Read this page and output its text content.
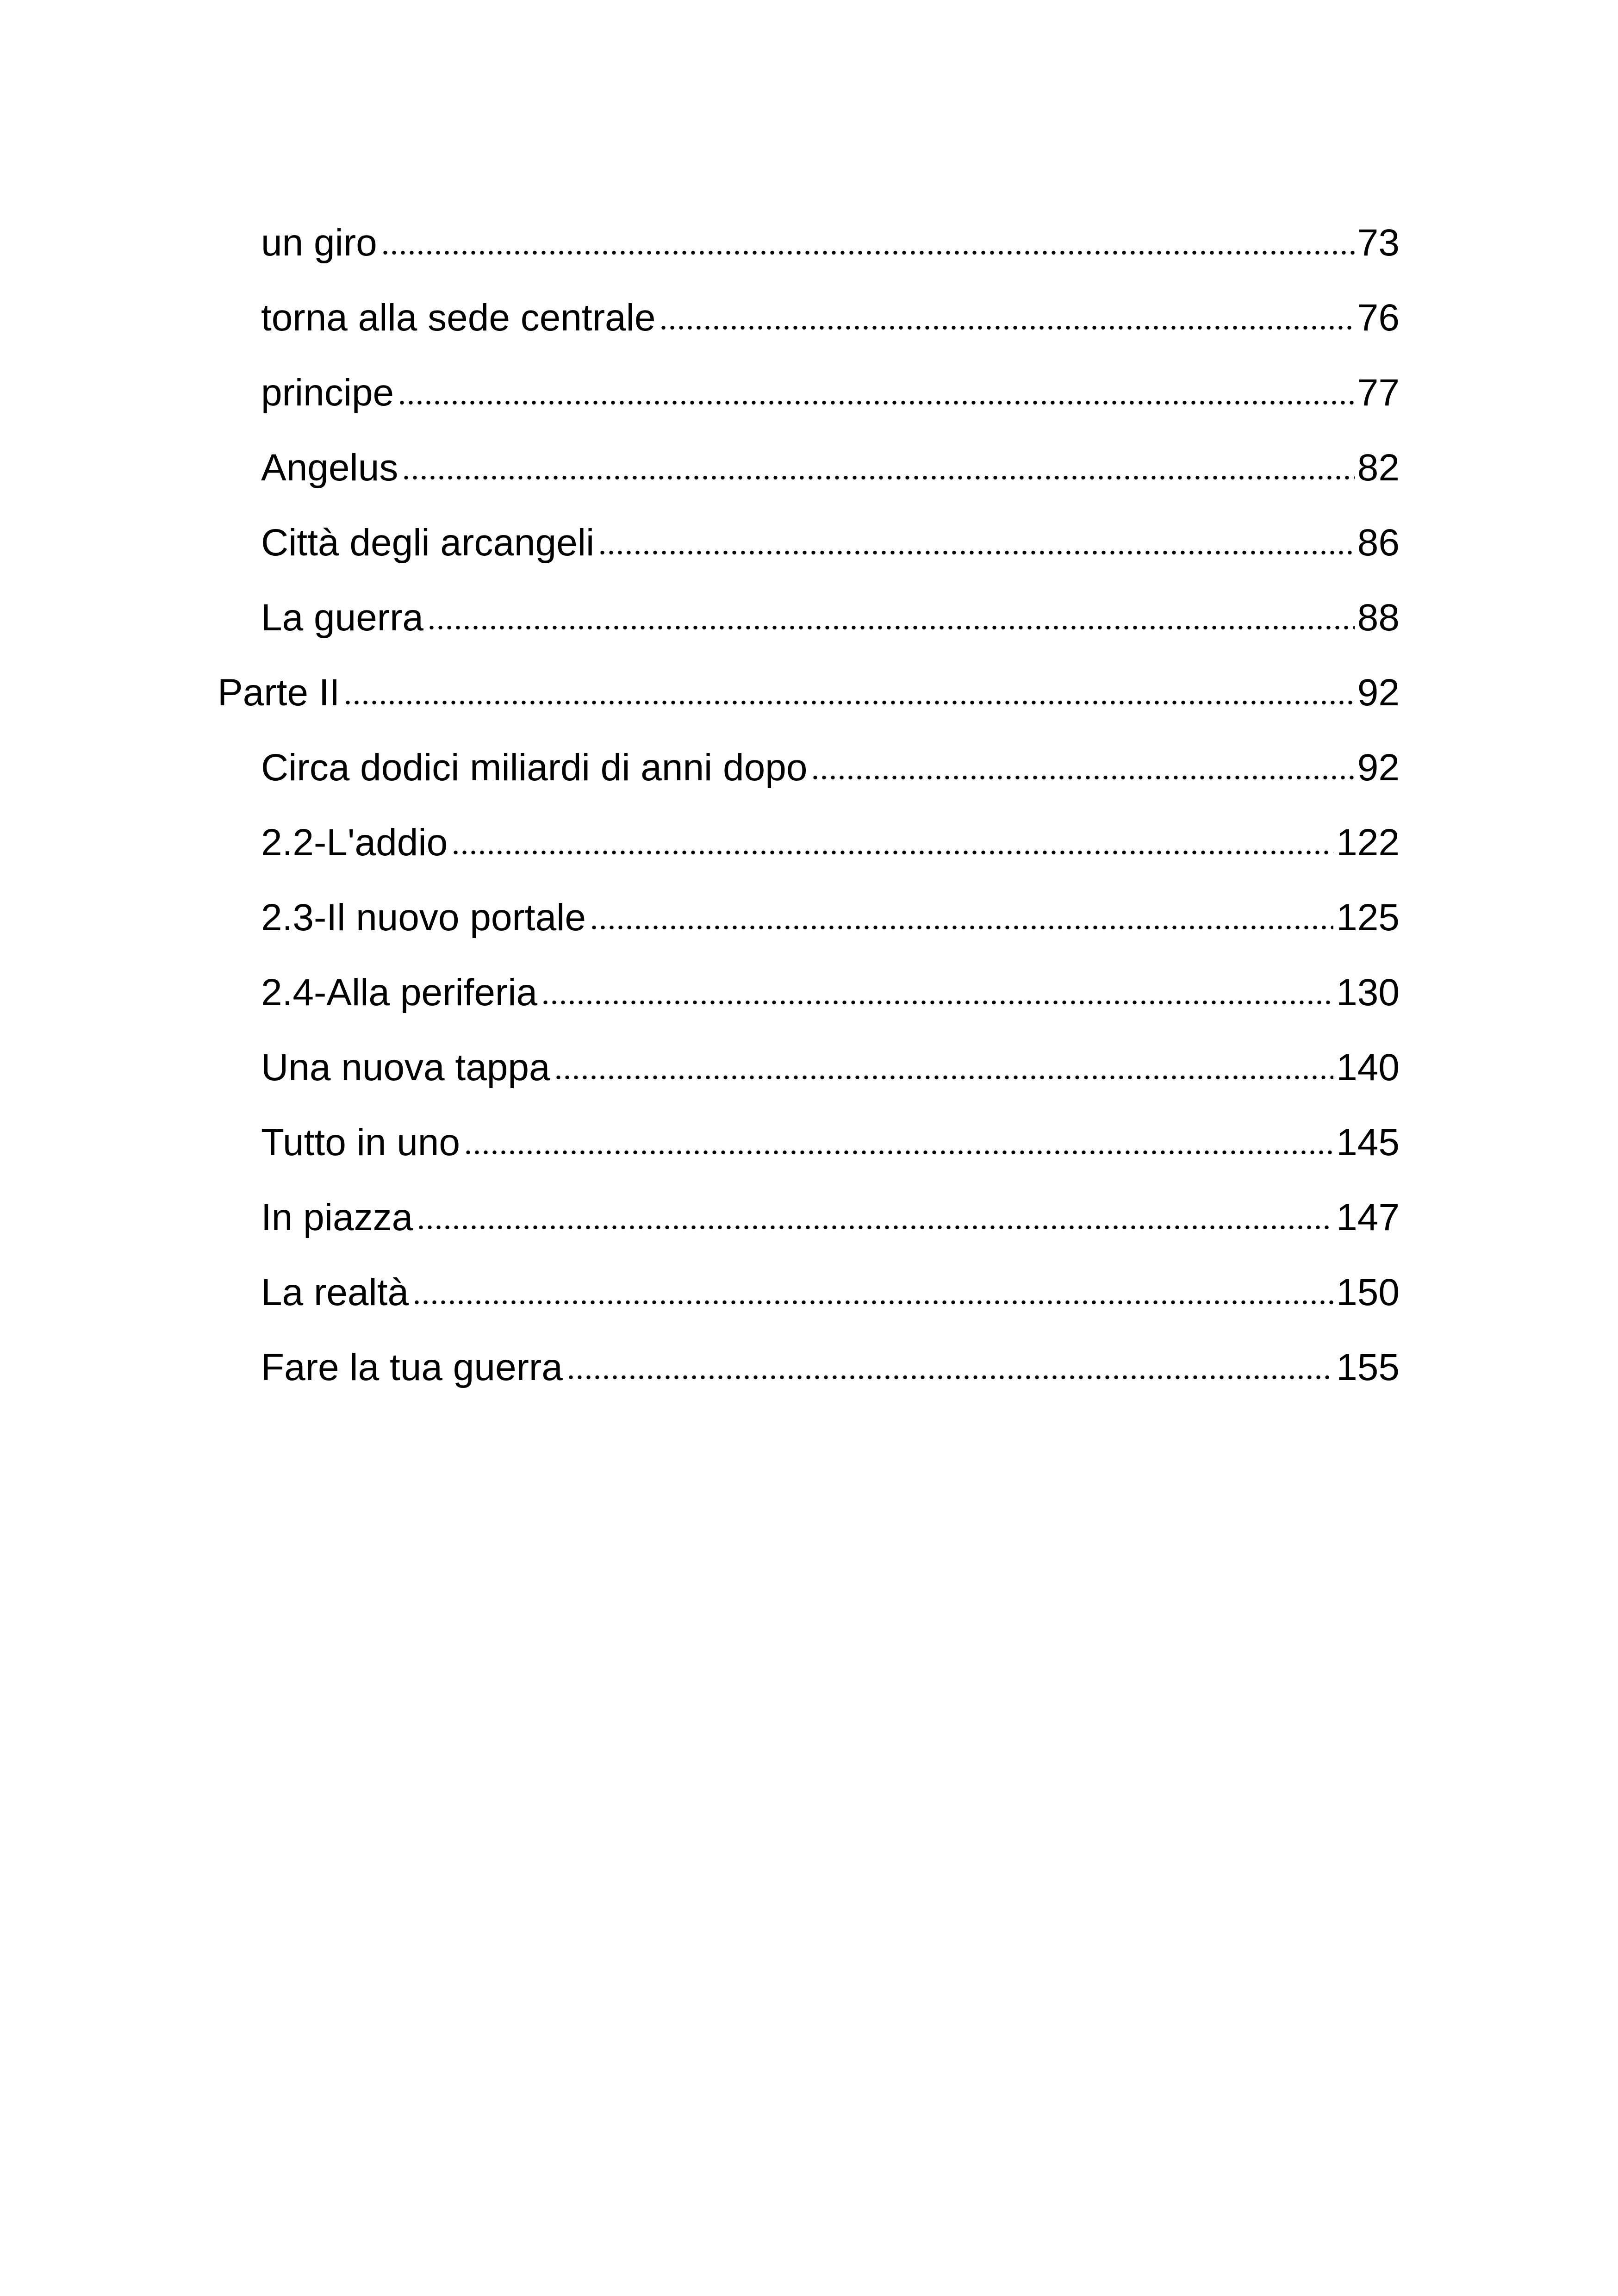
un giro	73
torna alla sede centrale	76
principe	77
Angelus	82
Città degli arcangeli	86
La guerra	88
Parte II	92
Circa dodici miliardi di anni dopo	92
2.2-L'addio	122
2.3-Il nuovo portale	125
2.4-Alla periferia	130
Una nuova tappa	140
Tutto in uno	145
In piazza	147
La realtà	150
Fare la tua guerra	155
